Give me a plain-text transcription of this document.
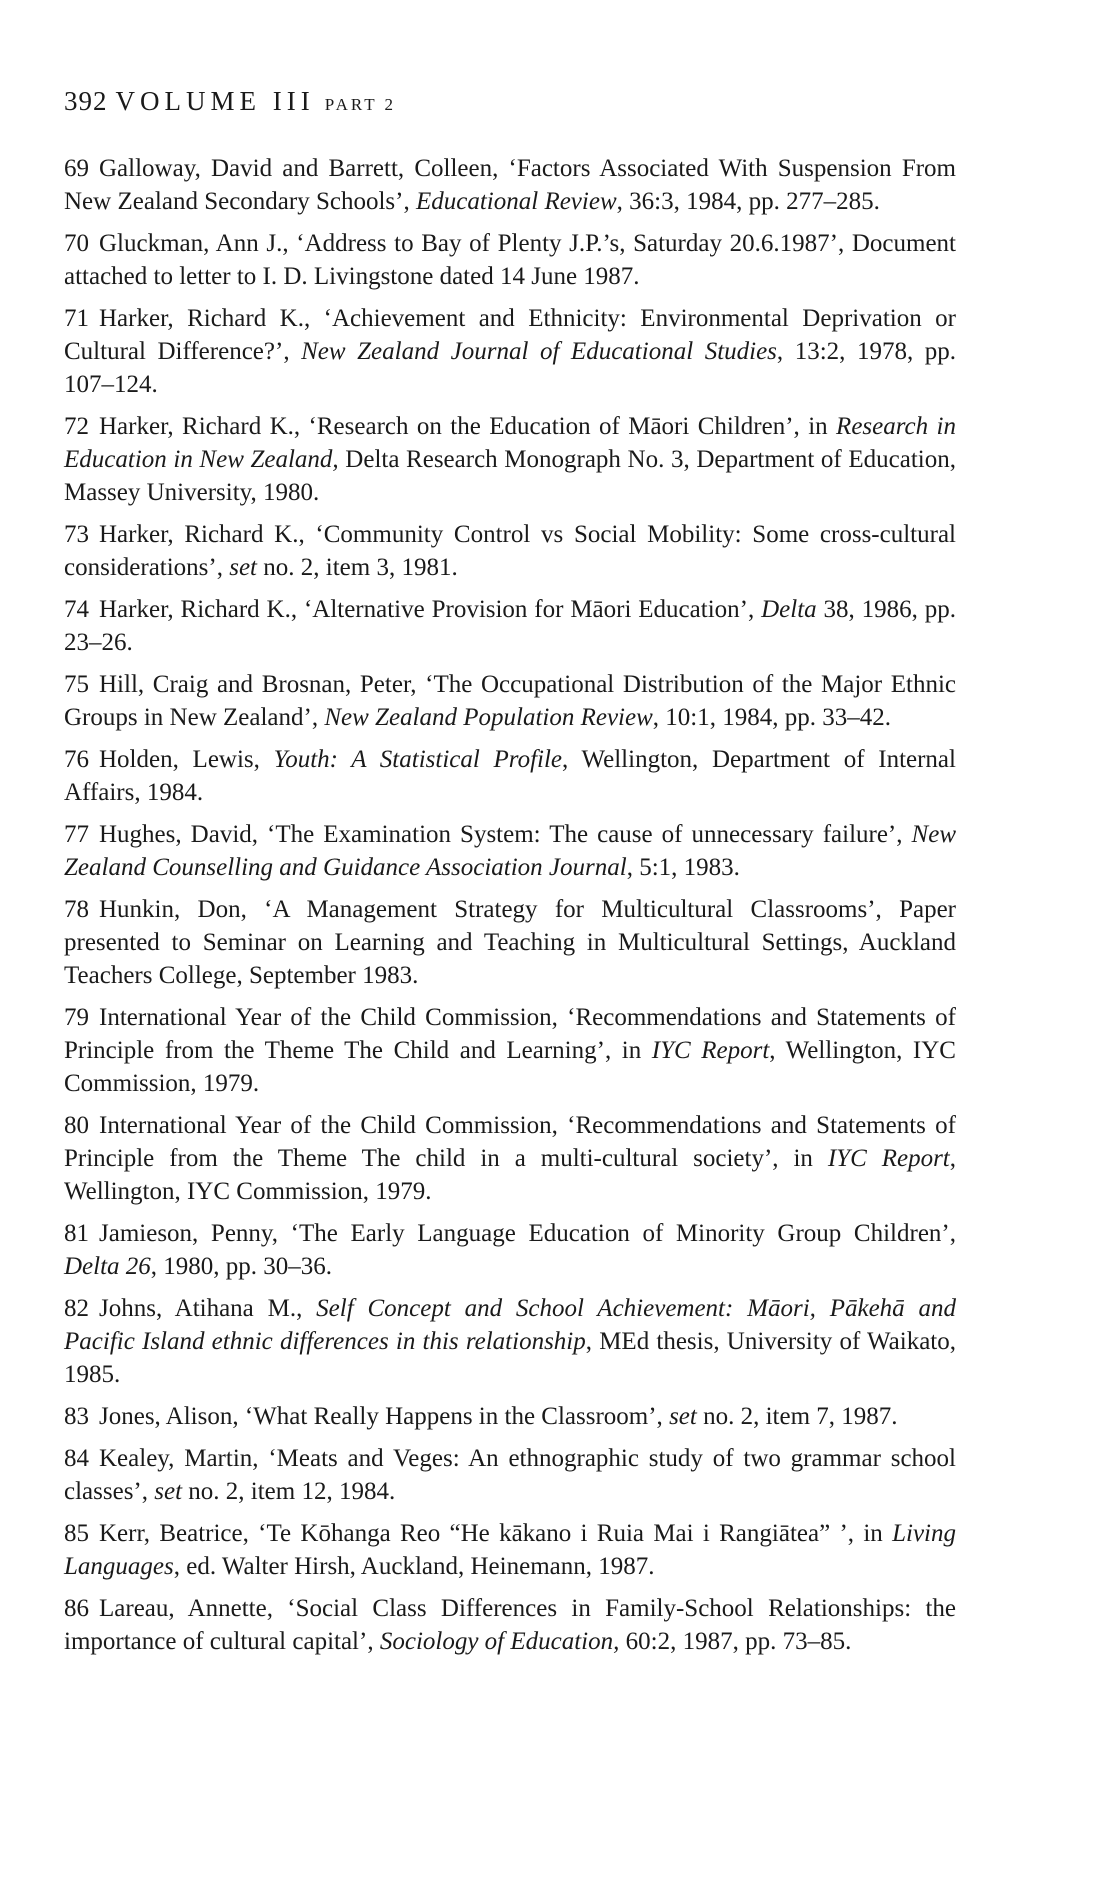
392 VOLUME III PART 2

69 Galloway, David and Barrett, Colleen, ‘Factors Associated With Suspension From New Zealand Secondary Schools’, Educational Review, 36:3, 1984, pp. 277–285.

70 Gluckman, Ann J., ‘Address to Bay of Plenty J.P.’s, Saturday 20.6.1987’, Document attached to letter to I. D. Livingstone dated 14 June 1987.

71 Harker, Richard K., ‘Achievement and Ethnicity: Environmental Deprivation or Cultural Difference?’, New Zealand Journal of Educational Studies, 13:2, 1978, pp. 107–124.

72 Harker, Richard K., ‘Research on the Education of Māori Children’, in Research in Education in New Zealand, Delta Research Monograph No. 3, Department of Education, Massey University, 1980.

73 Harker, Richard K., ‘Community Control vs Social Mobility: Some cross-cultural considerations’, set no. 2, item 3, 1981.

74 Harker, Richard K., ‘Alternative Provision for Māori Education’, Delta 38, 1986, pp. 23–26.

75 Hill, Craig and Brosnan, Peter, ‘The Occupational Distribution of the Major Ethnic Groups in New Zealand’, New Zealand Population Review, 10:1, 1984, pp. 33–42.

76 Holden, Lewis, Youth: A Statistical Profile, Wellington, Department of Internal Affairs, 1984.

77 Hughes, David, ‘The Examination System: The cause of unnecessary failure’, New Zealand Counselling and Guidance Association Journal, 5:1, 1983.

78 Hunkin, Don, ‘A Management Strategy for Multicultural Classrooms’, Paper presented to Seminar on Learning and Teaching in Multicultural Settings, Auckland Teachers College, September 1983.

79 International Year of the Child Commission, ‘Recommendations and Statements of Principle from the Theme The Child and Learning’, in IYC Report, Wellington, IYC Commission, 1979.

80 International Year of the Child Commission, ‘Recommendations and Statements of Principle from the Theme The child in a multi-cultural society’, in IYC Report, Wellington, IYC Commission, 1979.

81 Jamieson, Penny, ‘The Early Language Education of Minority Group Children’, Delta 26, 1980, pp. 30–36.

82 Johns, Atihana M., Self Concept and School Achievement: Māori, Pākehā and Pacific Island ethnic differences in this relationship, MEd thesis, University of Waikato, 1985.

83 Jones, Alison, ‘What Really Happens in the Classroom’, set no. 2, item 7, 1987.

84 Kealey, Martin, ‘Meats and Veges: An ethnographic study of two grammar school classes’, set no. 2, item 12, 1984.

85 Kerr, Beatrice, ‘Te Kōhanga Reo “He kākano i Ruia Mai i Rangiātea” ’, in Living Languages, ed. Walter Hirsh, Auckland, Heinemann, 1987.

86 Lareau, Annette, ‘Social Class Differences in Family-School Relationships: the importance of cultural capital’, Sociology of Education, 60:2, 1987, pp. 73–85.
